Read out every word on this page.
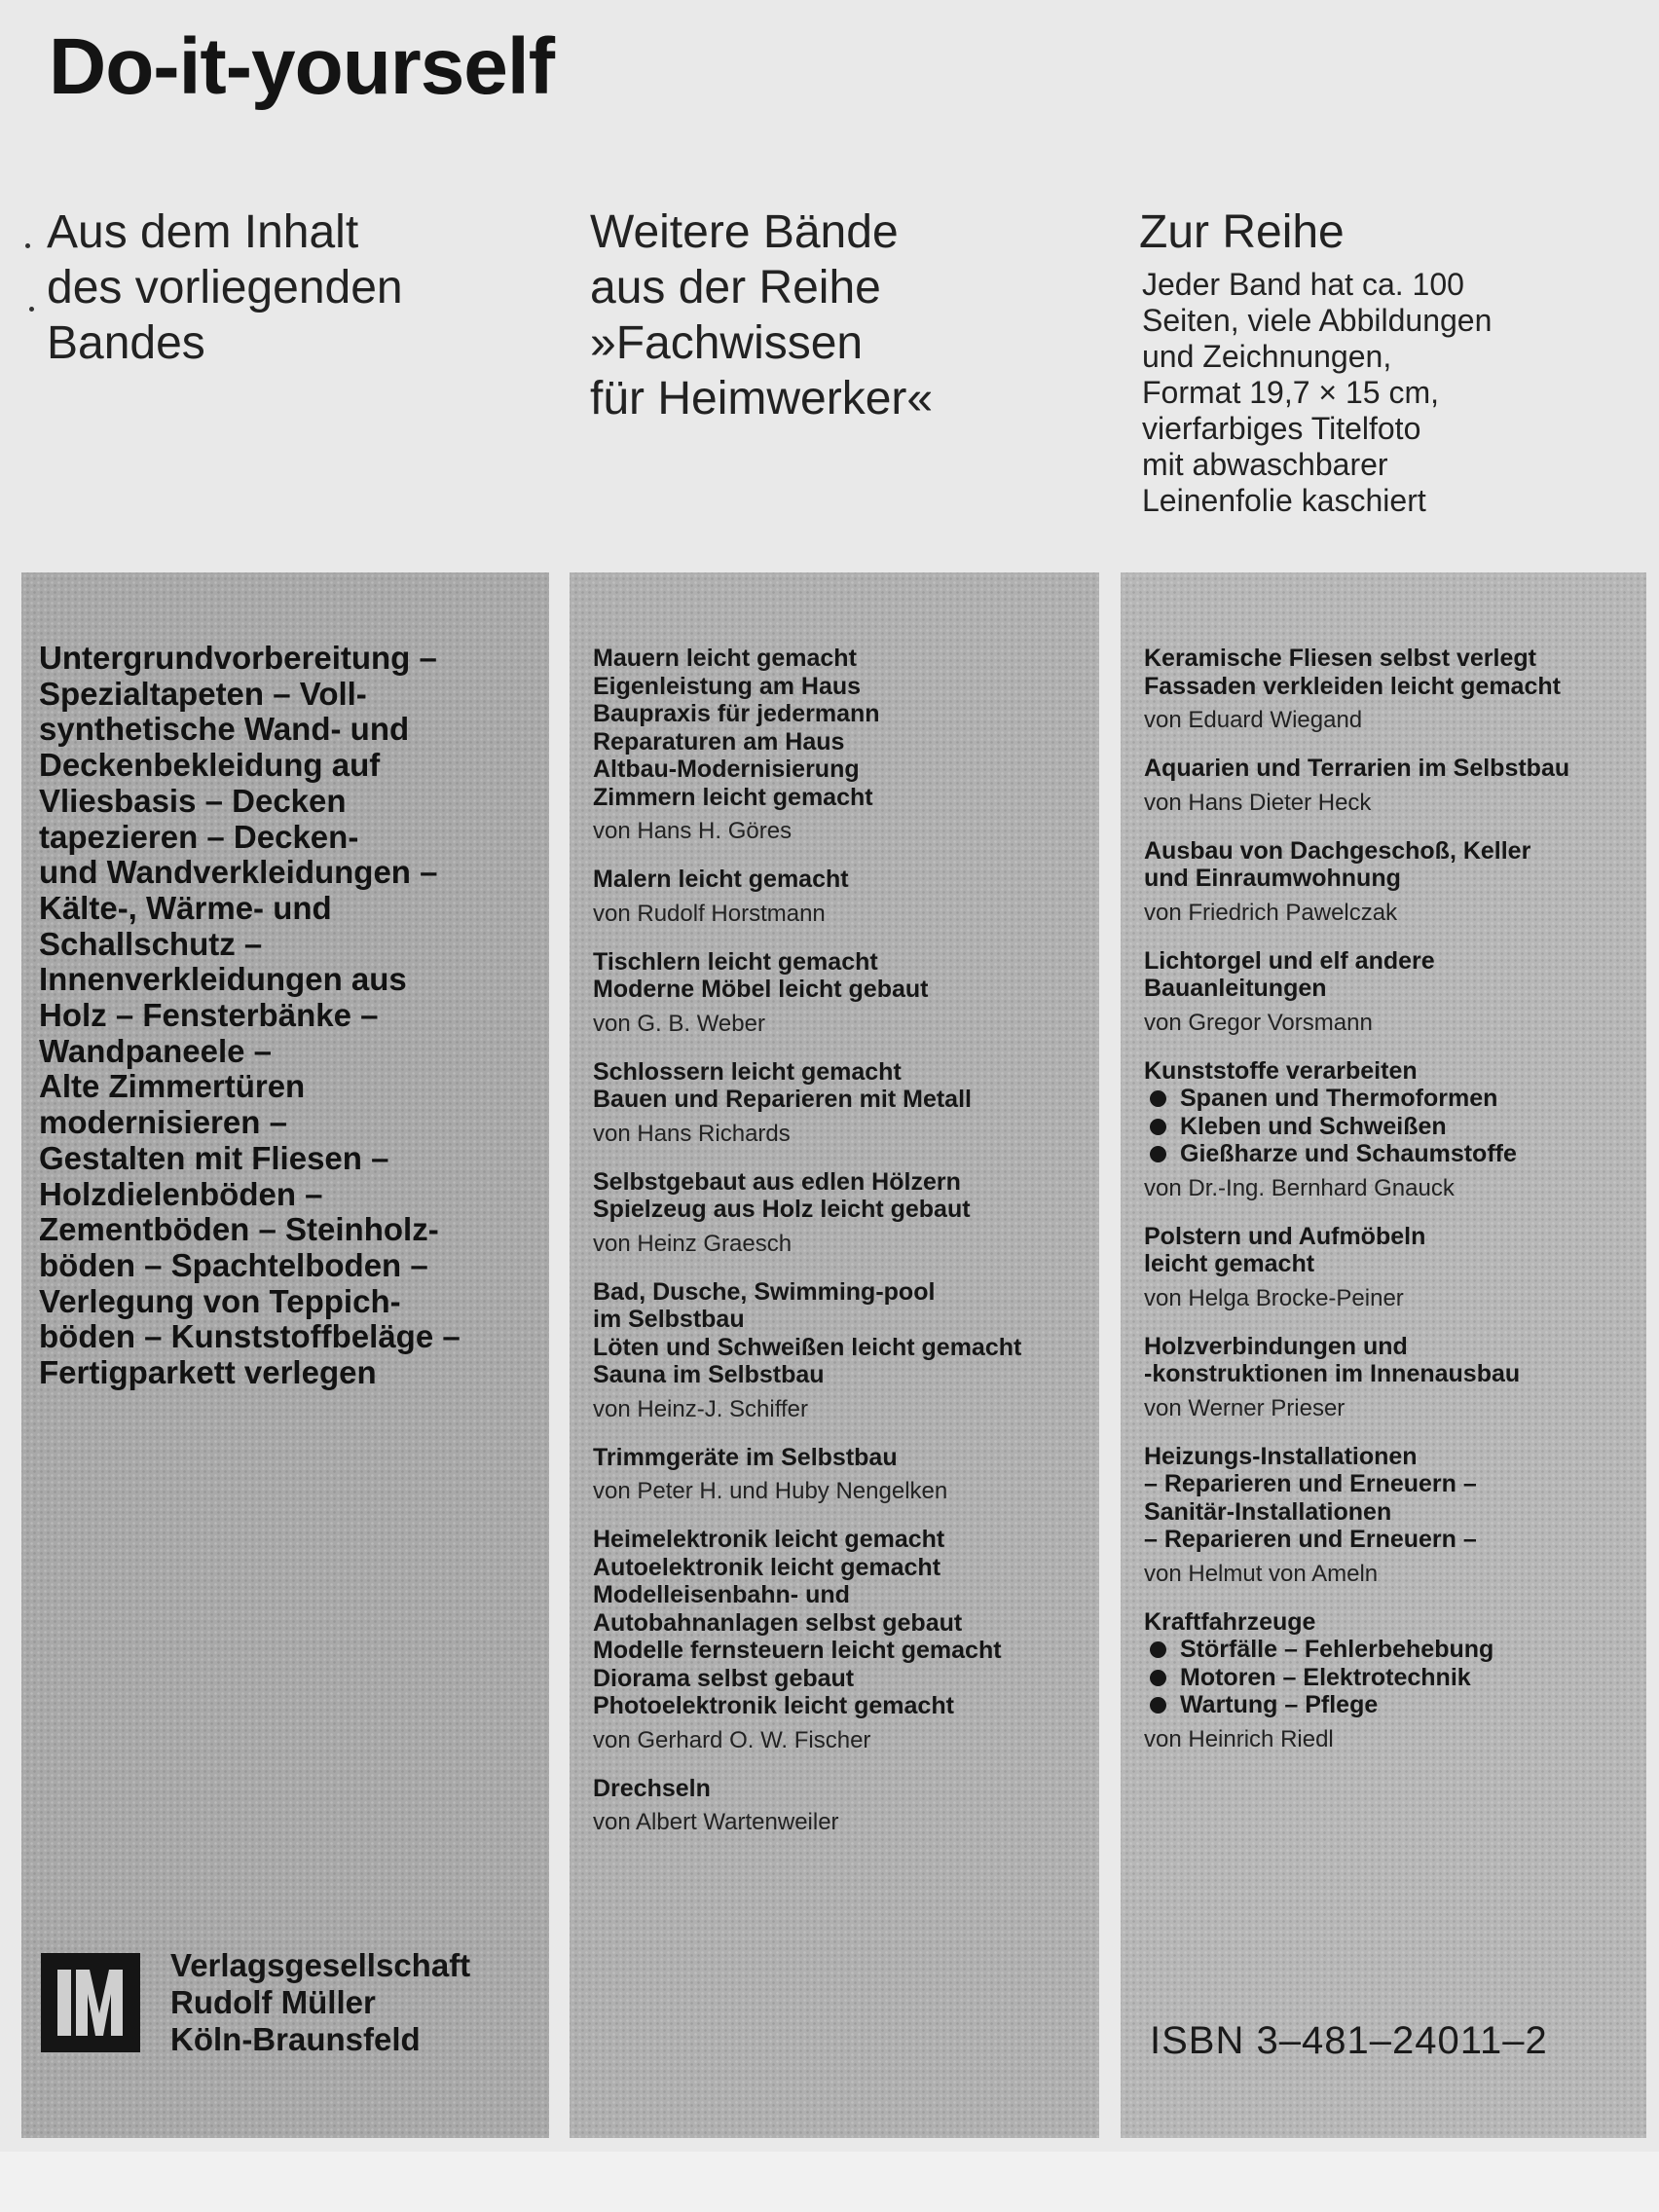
Do-it-yourself
Aus dem Inhalt
des vorliegenden
Bandes
Weitere Bände
aus der Reihe
»Fachwissen
für Heimwerker«
Zur Reihe
Jeder Band hat ca. 100
Seiten, viele Abbildungen
und Zeichnungen,
Format 19,7 × 15 cm,
vierfarbiges Titelfoto
mit abwaschbarer
Leinenfolie kaschiert
Untergrundvorbereitung –
Spezialtapeten – Voll-
synthetische Wand- und
Deckenbekleidung auf
Vliesbasis – Decken
tapezieren – Decken-
und Wandverkleidungen –
Kälte-, Wärme- und
Schallschutz –
Innenverkleidungen aus
Holz – Fensterbänke –
Wandpaneele –
Alte Zimmertüren
modernisieren –
Gestalten mit Fliesen –
Holzdielenböden –
Zementböden – Steinholz-
böden – Spachtelboden –
Verlegung von Teppich-
böden – Kunststoffbeläge –
Fertigparkett verlegen
Verlagsgesellschaft
Rudolf Müller
Köln-Braunsfeld
Mauern leicht gemacht
Eigenleistung am Haus
Baupraxis für jedermann
Reparaturen am Haus
Altbau-Modernisierung
Zimmern leicht gemacht
von Hans H. Göres
Malern leicht gemacht
von Rudolf Horstmann
Tischlern leicht gemacht
Moderne Möbel leicht gebaut
von G. B. Weber
Schlossern leicht gemacht
Bauen und Reparieren mit Metall
von Hans Richards
Selbstgebaut aus edlen Hölzern
Spielzeug aus Holz leicht gebaut
von Heinz Graesch
Bad, Dusche, Swimming-pool
im Selbstbau
Löten und Schweißen leicht gemacht
Sauna im Selbstbau
von Heinz-J. Schiffer
Trimmgeräte im Selbstbau
von Peter H. und Huby Nengelken
Heimelektronik leicht gemacht
Autoelektronik leicht gemacht
Modelleisenbahn- und
Autobahnanlagen selbst gebaut
Modelle fernsteuern leicht gemacht
Diorama selbst gebaut
Photoelektronik leicht gemacht
von Gerhard O. W. Fischer
Drechseln
von Albert Wartenweiler
Keramische Fliesen selbst verlegt
Fassaden verkleiden leicht gemacht
von Eduard Wiegand
Aquarien und Terrarien im Selbstbau
von Hans Dieter Heck
Ausbau von Dachgeschoß, Keller
und Einraumwohnung
von Friedrich Pawelczak
Lichtorgel und elf andere
Bauanleitungen
von Gregor Vorsmann
Kunststoffe verarbeiten
Spanen und Thermoformen
Kleben und Schweißen
Gießharze und Schaumstoffe
von Dr.-Ing. Bernhard Gnauck
Polstern und Aufmöbeln
leicht gemacht
von Helga Brocke-Peiner
Holzverbindungen und
-konstruktionen im Innenausbau
von Werner Prieser
Heizungs-Installationen
– Reparieren und Erneuern –
Sanitär-Installationen
– Reparieren und Erneuern –
von Helmut von Ameln
Kraftfahrzeuge
Störfälle – Fehlerbehebung
Motoren – Elektrotechnik
Wartung – Pflege
von Heinrich Riedl
ISBN 3–481–24011–2
